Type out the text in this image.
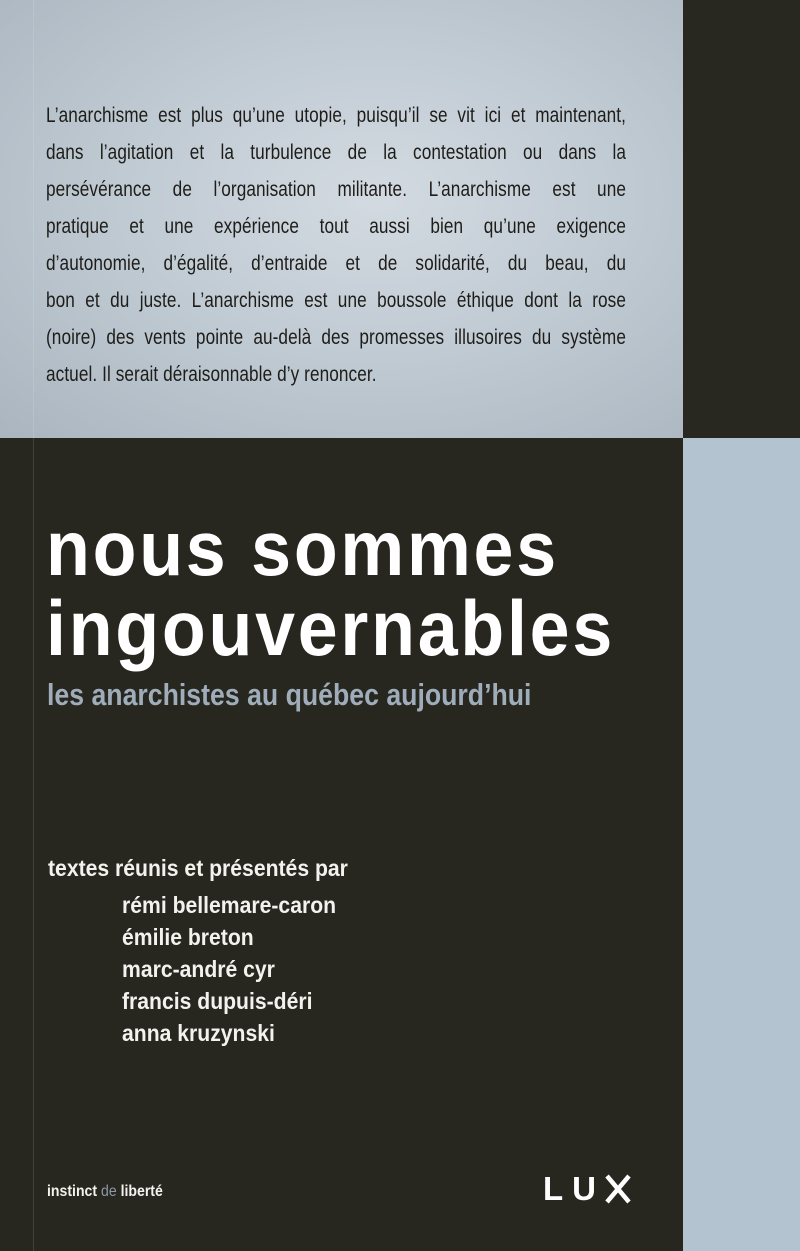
L’anarchisme est plus qu’une utopie, puisqu’il se vit ici et maintenant,
dans l’agitation et la turbulence de la contestation ou dans la
persévérance de l’organisation militante. L’anarchisme est une
pratique et une expérience tout aussi bien qu’une exigence
d’autonomie, d’égalité, d’entraide et de solidarité, du beau, du
bon et du juste. L’anarchisme est une boussole éthique dont la rose
(noire) des vents pointe au-delà des promesses illusoires du système
actuel. Il serait déraisonnable d’y renoncer.
nous sommes
ingouvernables
les anarchistes au québec aujourd’hui
textes réunis et présentés par
rémi bellemare-caron
émilie breton
marc-andré cyr
francis dupuis-déri
anna kruzynski
instinct de liberté	LU
